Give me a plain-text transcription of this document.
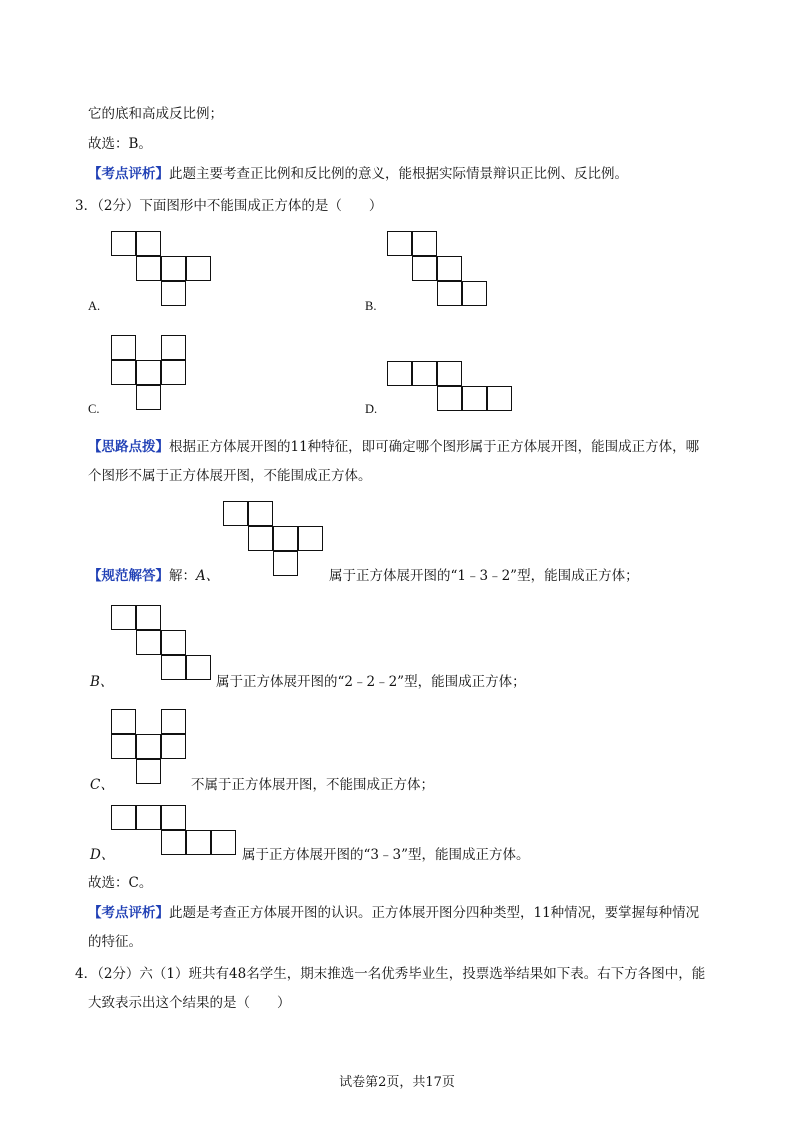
它的底和高成反比例；
故选：B。
【考点评析】此题主要考查正比例和反比例的意义，能根据实际情景辩识正比例、反比例。
3．（2分）下面图形中不能围成正方体的是（　　）
A.	B.
C.	D.
【思路点拨】根据正方体展开图的11种特征，即可确定哪个图形属于正方体展开图，能围成正方体，哪
个图形不属于正方体展开图，不能围成正方体。
【规范解答】解：A、	属于正方体展开图的“1﹣3﹣2”型，能围成正方体；
B、	属于正方体展开图的“2﹣2﹣2”型，能围成正方体；
C、	不属于正方体展开图，不能围成正方体；
D、	属于正方体展开图的“3﹣3”型，能围成正方体。
故选：C。
【考点评析】此题是考查正方体展开图的认识。正方体展开图分四种类型，11种情况，要掌握每种情况
的特征。
4．（2分）六（1）班共有48名学生，期末推选一名优秀毕业生，投票选举结果如下表。右下方各图中，能
大致表示出这个结果的是（　　）
试卷第2页，共17页
